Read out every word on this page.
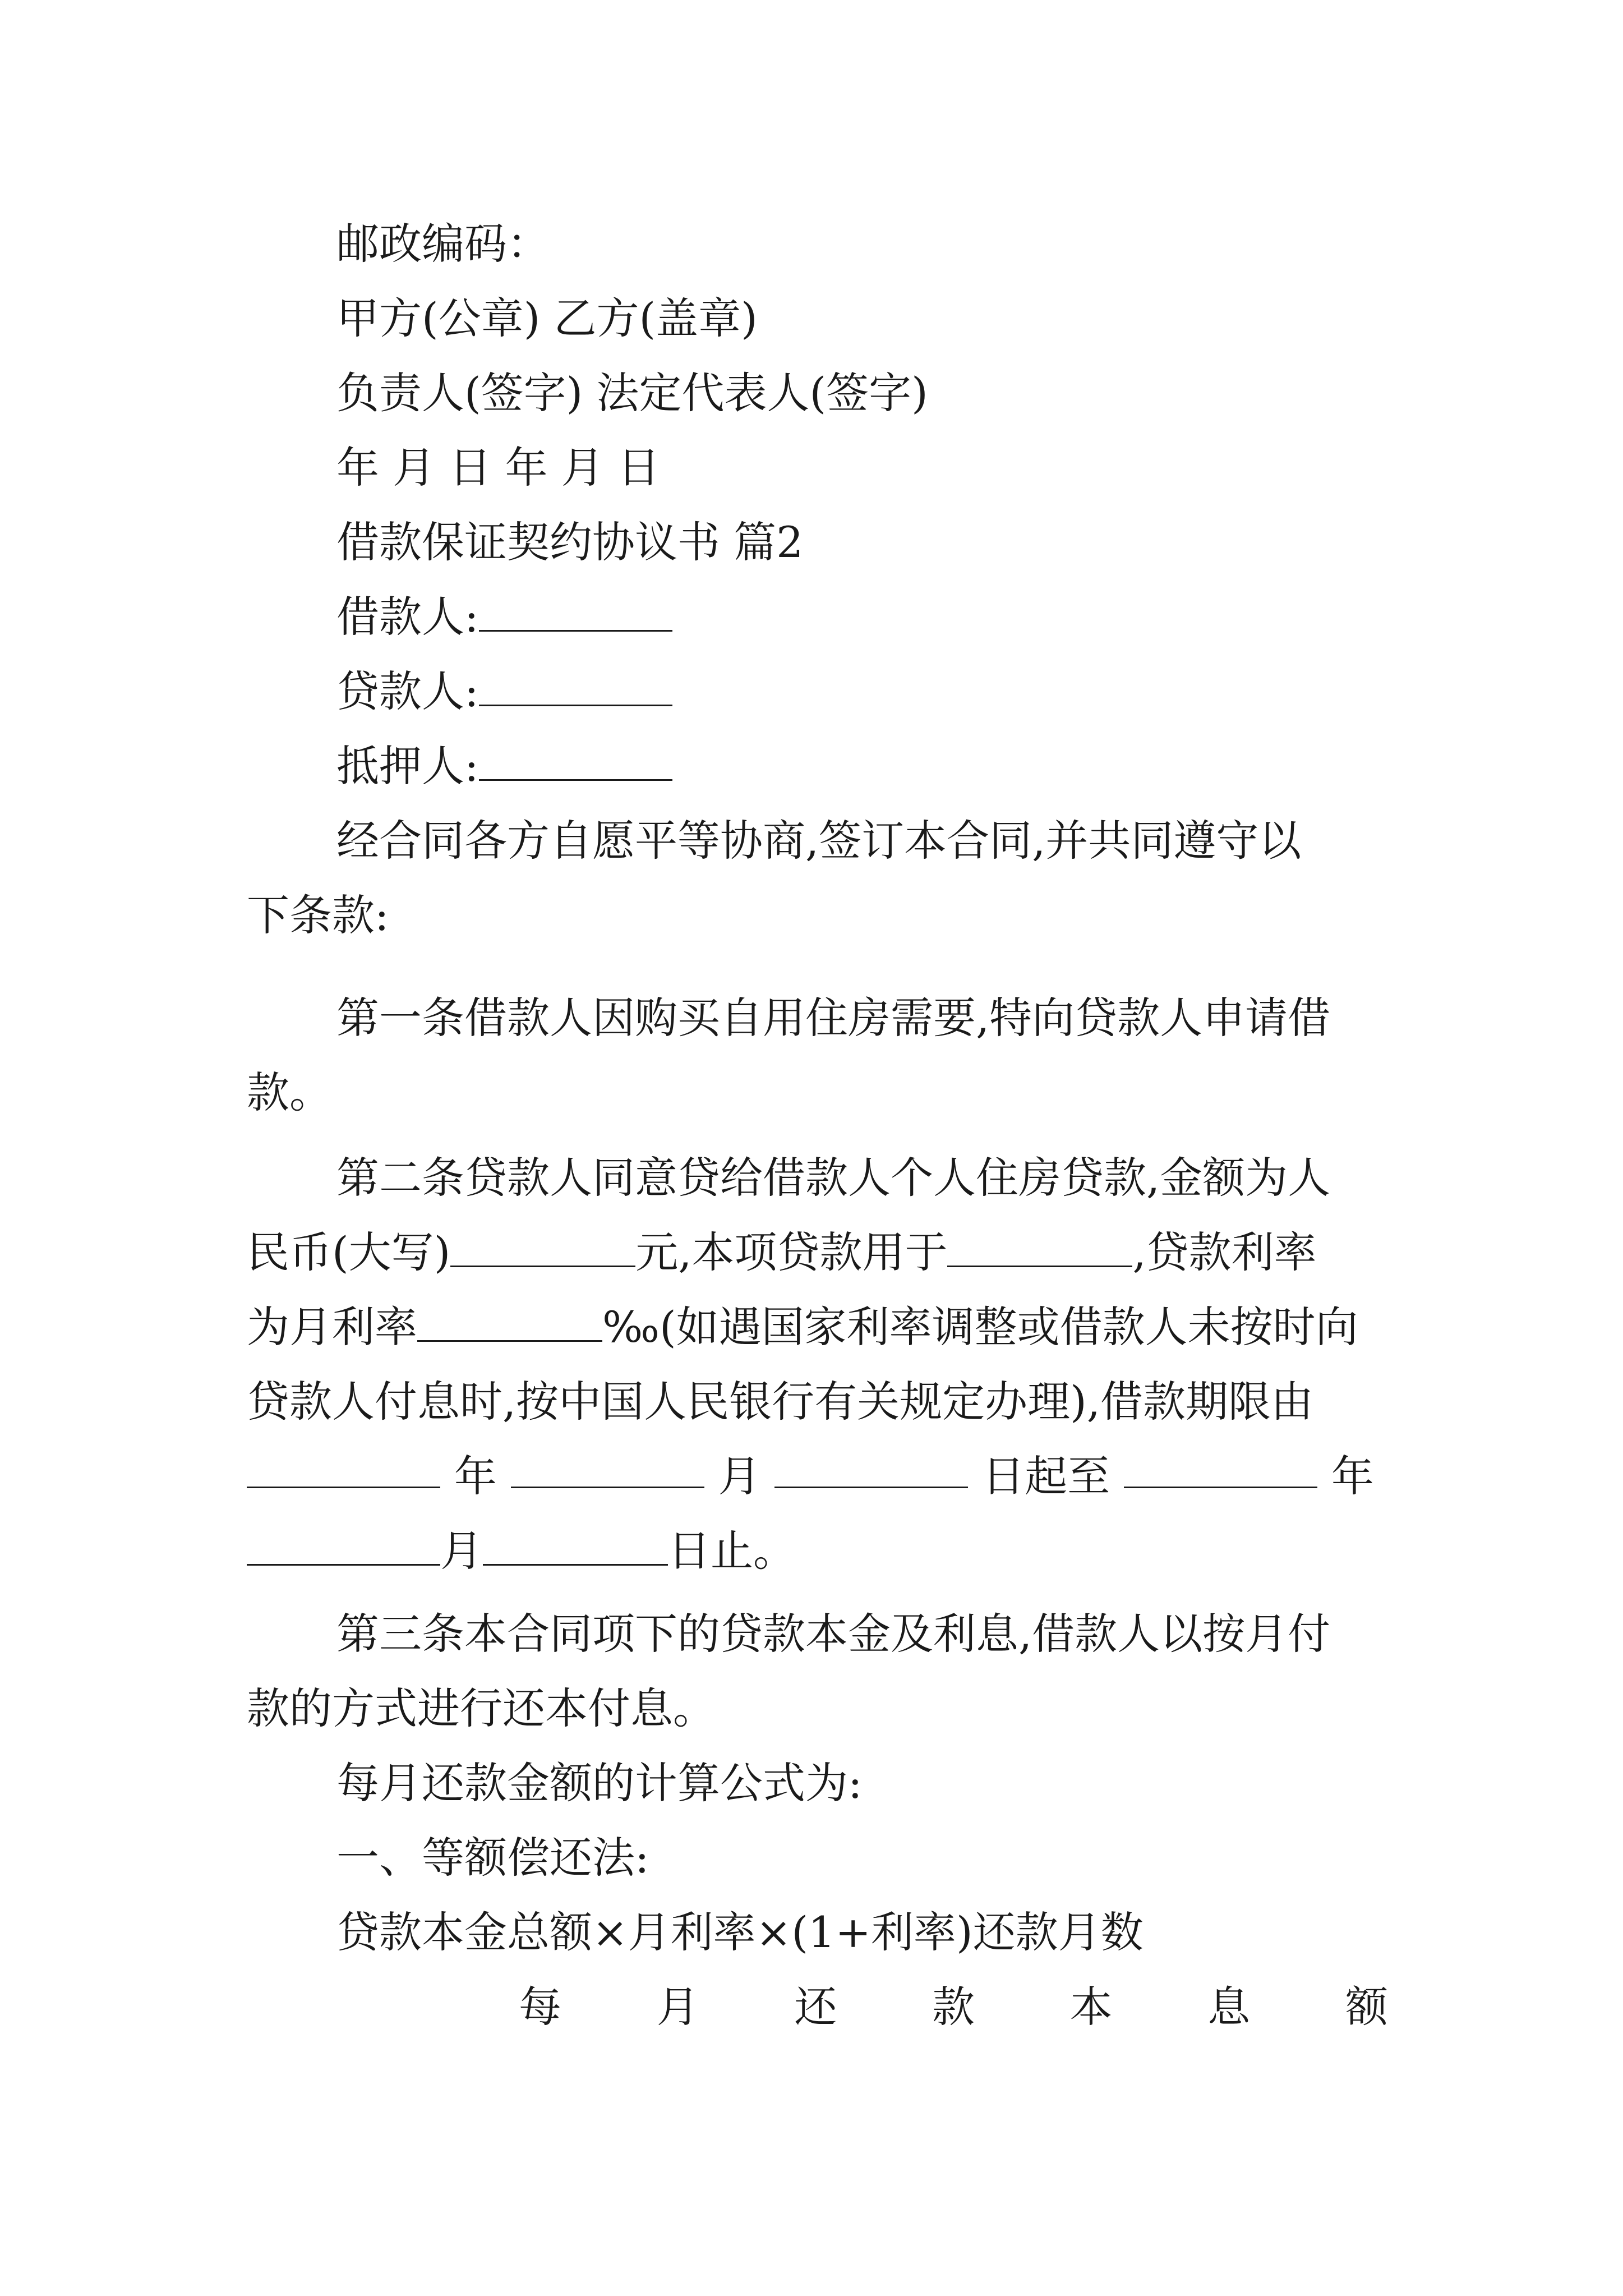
邮政编码：
甲方(公章) 乙方(盖章)
负责人(签字) 法定代表人(签字)
年 月 日 年 月 日
借款保证契约协议书 篇2
借款人:
贷款人:
抵押人:
经合同各方自愿平等协商,签订本合同,并共同遵守以
下条款:
第一条借款人因购买自用住房需要,特向贷款人申请借
款。
第二条贷款人同意贷给借款人个人住房贷款,金额为人
民币(大写)	元,本项贷款用于	,贷款利率
为月利率	‰(如遇国家利率调整或借款人未按时向
贷款人付息时,按中国人民银行有关规定办理),借款期限由
年	月	日起至	年
月	日止。
第三条本合同项下的贷款本金及利息,借款人以按月付
款的方式进行还本付息。
每月还款金额的计算公式为:
一、等额偿还法:
贷款本金总额×月利率×(1+利率)还款月数
每 月 还 款 本 息 额
